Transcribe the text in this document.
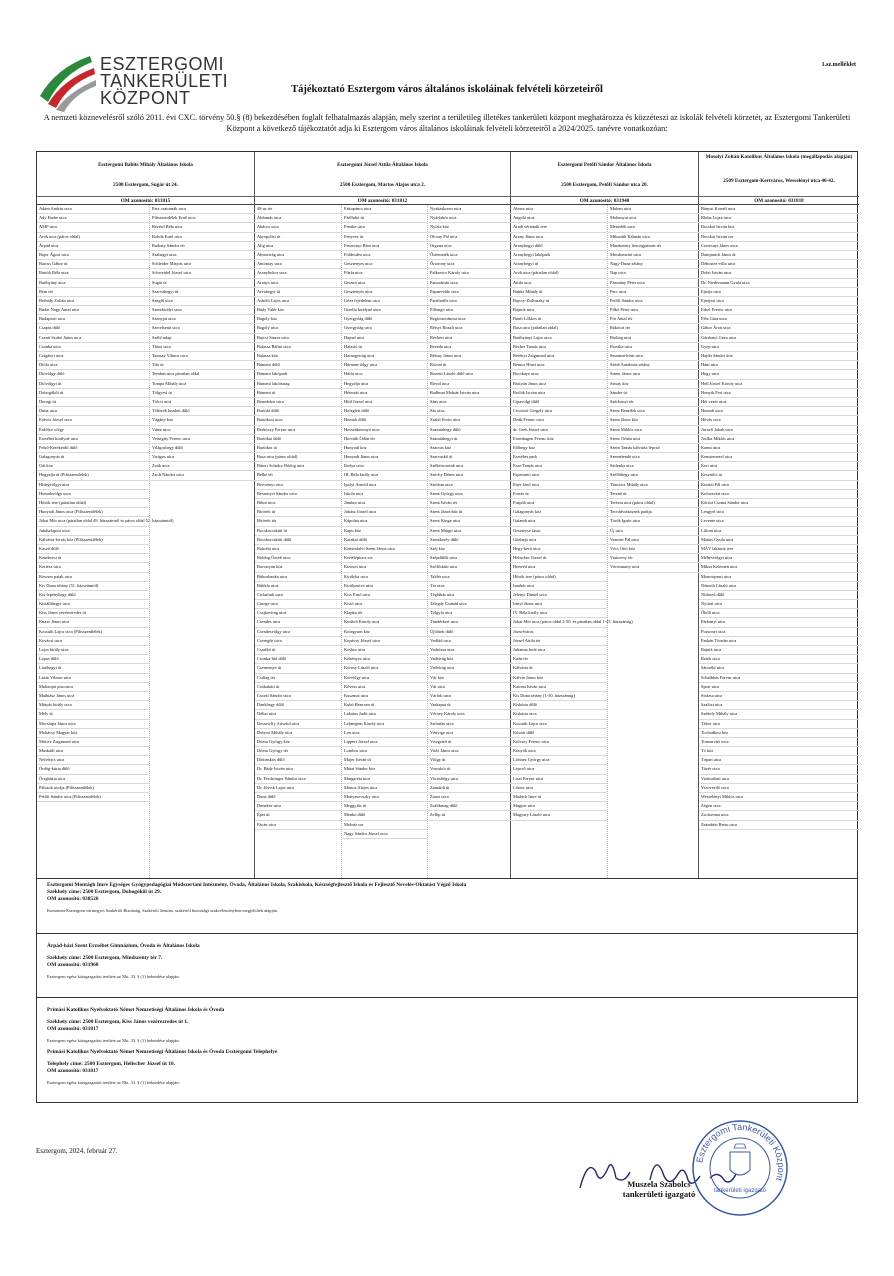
ESZTERGOMI
TANKERÜLETI
KÖZPONT
1.sz.melléklet
Tájékoztató Esztergom város általános iskoláinak felvételi körzeteiről
A nemzeti köznevelésről szóló 2011. évi CXC. törvény 50.§ (8) bekezdésében foglalt felhatalmazás alapján, mely szerint a területileg illetékes tankerületi központ meghatározza és közzéteszi az iskolák felvételi körzetét, az Esztergomi Tankerületi Központ a következő tájékoztatót adja ki Esztergom város általános iskoláinak felvételi körzeteiről a 2024/2025. tanévre vonatkozóan:
Esztergomi Babits Mihály Általános Iskola
2500 Esztergom, Sugár út 24.
OM azonosító: 031815
Adám András utca
Ady Endre utca
AMP utca
Arok utca (páros oldal)
Árpád utca
Bajor Ágost utca
Baross Gábor út
Bartók Béla utca
Batthyány utca
Bem tér
Berhidy Zoltán utca
Budai Nagy Antal utca
Budapesti utca
Csapás dűlő
Csenti Szabó János utca
Csonka utca
Czigányi utca
Diófa utca
Dióvölgy dűlő
Dióvölgyi út
Dobogókői út
Dorogi út
Duna utca
Eötvös József utca
Erdőlye völgy
Erzsébet királyné utca
Felső-Kerekerdő dűlő
Galagonyás út
Gát köz
Hegyalja út (Pilisszentlélek)
Hidegvölgyi utca
Homokvölgy utca
Hősök tere (páratlan oldal)
Hunyadi János utca (Pilisszentlélek)
Jókai Mór utca (páratlan oldal 49. házszámtól és páros oldal 52. házszámtól)
Juhászlaposi utca
Kálvária-forrás köz (Pilisszentlélek)
Kaszó dűlő
Kenderesi út
Kertész utca
Kincses patak utca
Kis Duna sétány (51. házszámtól)
Kis-lepényhegy dűlő
Kistáthhegyi utca
Kiss János vezérezredes út
Knaxr János utca
Kossuth Lajos utca (Pilisszentlélek)
Kovácsi utca
Lajos király utca
Lapos dűlő
Látóhegyi út
Lázár Vilmos utca
Malomjai piaconca
Mathiász János utca
Mátyás király utca
Mély út
Mocsárpa János utca
Mohácsy Magyar köz
Móricz Zsigmond utca
Muskátli utca
Nefelejcs utca
Ördög-kúria dűlő
Örsgházia utca
Pálosok utcája (Pilisszentlélek)
Petőfi Sándor utca (Pilisszentlélek)
Patz csatornák utca
Pilisszentlélek Ernő utca
Rézéső Béla utca
Rohók Ernő utca
Rudnay Sándor tér
Szabagyi utca
Schleider Mátyás utca
Schweidel József utca
Sugár út
Szarvahegyi út
Szegfű utca
Szentkirályi utca
Szenyjai utca
Szerelsenti utca
Széhl udap
Táboi utca
Tamsay Vilmos utca
Tiki út
Tembús utca páratlan oldal
Tompa Mihály utca
Tölgyesi út
Tölcsi utca
Töbörek kezdeti dűlő
Vágány köz
Vámr utca
Vetsegity Ferenc utca
Világoshegy dűlő
Virágos utca
Zoák utca
Zsolt Nándor utca
Esztergomi József Attila Általános Iskola
2500 Esztergom, Martos Alajos utca 2.
OM azonosító: 031812
48-as tér
Áldomás utca
Akácos utca
Akropolisi út
Alig utca
Almavirág utca
Antóniay utca
Aranybokor utca
Aranys utca
Arvahegyi út
Asbóth Lajos utca
Bády Valér köz
Bagoly köz
Bagoly utca
Bajcsi Sinzer utca
Balassa Bálint utca
Balassa köz
Bánomi dűlő
Bánomi lakópark
Bánomi lakóisstag
Bánomi út
Benedekis utca
Bartóki dűlő
Bartókosi utca
Berkóczy Ferenc utca
Bartókai dűlő
Bartókoi út
Basa utca (páros oldal)
Bátori Schulcz Bódog utca
Belké tér
Bercsényi utca
Bessenyei Sándor utca
Bíbor utca
Bíróréti út
Bíróréti tér
Bocskoroskúti út
Bocskoroskúti dűlő
Bokréta utca
Boldog Özseb utca
Borostyán köz
Búbosbanka utca
Bükkfa utca
Cickafark utca
Cinege utca
Csajkavirág utca
Csendes utca
Csendesvölgy utca
Cseregőe utca
Csaslkó út
Csonka-híd dűlő
Csermenye út
Csillag tér
Csókakúti út
Csordi Sándor utca
Dankhegy dűlő
Déltai utca
Dessewffy Arisztid utca
Doboxi Mihály utca
Dózsa György köz
Dózsa György tér
Dökinskös dűlő
Dr. Bády István utca
Dr. Feichtinger Sándor utca
Dr. Jósvik Lajos utca
Duna dűlő
Dunakör utca
Épet út
Fácán utca
Fakopáncs utca
Fáéllukó út
Fenske utca
Fenyves út
Feszecnyi Béni utca
Földesdeo utca
Gesztenyes utca
Fűzfa utca
Gessen utca
Gesztenyés utca
Géza fejedelem utca
Gizella királyné utca
Gyergyóág dűlő
Gyergyóág utca
Hajnal utca
Halastó út
Harangvirág utca
Hárman-tölgy utca
Hárfa utca
Hegyalja utca
Hétestás utca
Hild József utca
Holzgleit dűlő
Homok dűlő
Hosszúkerenyó utca
Horváth Ödön tér
Hunyadi köz
Hunyadi János utca
Ibolya utca
III. Béla király utca
Ipolyi Arnold utca
Iskola utca
Jámbor utca
Juhász József utca
Kápolna utca
Kapu köz
Karakxí dűlő
Kemenfalvi Szent János utca
Kertélépincz sor
Kincses utca
Királyka utca
Királyentve utca
Kiss Ernő utca
Kistó utca
Klapka tér
Kodách Károly utca
Kolegyum köz
Kopácsy József utca
Kosbor utca
Kökényes utca
Körösy László utca
Körvölgy utca
Kővess utca
Kuszmai utca
Kubó Bencsen út
Lakatos Judit utca
Lehnegem Károly utca
Lon utca
Lippert József utca
Lombos utca
Majer István út
Mátai Sándor köz
Margaréta utca
Martos Alajos utca
Mattyasovszky utca
Meggyfás út
Menkó dűlő
Molnár sor
Nagy Sándor József utca
Nyakaskoros utca
Nyárfakör utca
Nyírfa köz
Olcsay Pál utca
Orgona utca
Ősfemeték utca
Őrtorony utca
Palkovics Károly utca
Panorámás utca
Papnevelde utca
Partfürdős utca
Pillangó utca
Regionovánosa utca
Rétsyi Rozafi utca
Révkert utca
Rezeda utca
Rétsay János utca
Rózsai út
Rozetti László dűlő utca
Rövid utca
Radlmai Molnár István utca
Sáas utca
Sás utca
Szabó Ervin utca
Szamárhegy dűlő
Szamárhegyi út
Szarvas köz
Szarvaskő út
Széketsoroink utca
Széchy Dénes utca
Szedran utca
Szent György utca
Szent István tér
Szent János-kút út
Szent Kinga utca
Szent Margit utca
Szentkeréy dűlő
Széj köz
Szépdűlők utca
Szőlőskúti utca
Taldér utca
Tár utca
Téglákás utca
Telegdy Csanád utca
Tölgyfa utca
Tündérkert utca
Újlőitek dűlő
Vadfád utca
Vadrózsa utca
Vadvirág köz
Vadvirág utca
Vár köz
Vár utca
Várfok utca
Vaskapui út
Vécsey Károly utca
Szőrafás utca
Vényige utca
Visegrádi út
Vitéz János utca
Völgy út
Vorosköi út
Vörösbőgy utca
Zamárdi út
Zanot utca
Zsálikmag dűlő
Zellip út
Esztergomi Petőfi Sándor Általános Iskola
2500 Esztergom, Petőfi Sándor utca 20.
OM azonosító: 031940
Almos utca
Angolá utca
Aradi vértanúk tere
Arany János utca
Aranyhegyi dűlő
Aranyhegyi lakópark
Aranyhegyi út
Arok utca (páratlan oldal)
Attila utca
Babits Mihály út
Bajcsy-Zsilinszky út
Bajnok utca
Bánfi Lőkkes út
Basa utca (páratlan oldal)
Batthyányi Lajos utca
Becket Tamás utca
Berényi Zsigmond utca
Bemos Hósrt utca
Bocskaye utca
Bottyán János utca
Botlók István utca
Cipavölgi dűlő
Croctoot Gergely utca
Deák Ferenc utca
dr. Greb József utca
Eisenbagen Ferenc köz
Előhegy köz
Erzsébet park
Esze Tamás utca
Esperantó utca
Etter Jenő utca
Forrás út
Füspök utca
Galagonyás köz
Galamb utca
Geszteyse fasor
Gőzhajó utca
Hegy-kerti utca
Helischer József út
Honvéd utca
Hősök tere (páros oldal)
Imahás utca
Jelenyi Dániel utca
Irinyi János utca
IV. Béla király utca
Jókai Mór utca (páros oldal 2-50. és páratlan oldal 1-45. házszámig)
Józsefváros
József Attila tér
Julianna lorát utca
Kaán tér
Kálvária út
Kálvin János köz
Katona István utca
Kis Duna sétány (1-50. házszámig)
Kiskúria dűlő
Kiskúria utca
Kossuth Lajos utca
Kőszár dűlő
Kölcsey Ferenc utca
Könyök utca
Lőrinez György utca
Lépcső utca
Liszt Ferenc utca
Lőrinc utca
Madách Imre út
Magyar utca
Magyary László utca
Malom utca
Malomyai utca
Menedék utca
Mikszáth Kálmán utca
Mindszenty hercegprímás tér
Mosdomvári utca
Nagy-Duna sétány
Nap utca
Pázmány Péter utca
Perc utca
Petőfi Sándor utca
Pilkó Péter utca
Pór Antal tér
Rákóczi tér
Rizling utca
Rozália utca
Sesenmelvem utca
Szédi Antalmás sétány
Simor János utca
Sissay köz
Sándor út
Széchenyi tér
Szent Benedek utca
Szent János köz
Szent Miklós utca
Szent Orbán utca
Szent Tamás kálvária lépcső
Szemétendé utca
Szilenka utca
Széllőhegy utca
Táncsics Mihály utca
Terenő út
Terézia utca (páros oldal)
Tervádvízközsek parkja
Török Ignác utca
Új utca
Vanvári Pál utca
Vécs Ottó köz
Viatorvsy tér
Vörösmarty utca
Mosolyi Zoltán Katolikus Általános Iskola (megállapodás alapján)
2509 Esztergom-Kertváros, Wesselényi utca 40-42.
OM azonosító: 031818
Bányai Kornél utca
Bloha Lujza utca
Bocskai István köz
Bocskai István sor
Cseresnyi János utca
Damjanich János út
Déhostez-villa utca
Dobó István utca
Dr. Niedermann Gyula utca
Ejtetja utca
Ejtetjesi utca
Erkel Ferenc utca
Féla Gára utca
Gábor Áron utca
Gárdonyi Géza utca
Gyep utca
Hajdú Sándor köz
Hám utca
Hegy utca
Hell József Károly utca
Honyik Feri utca
Hét vezér utca
Homok utca
Hóvás utca
Jávorfi Jakab utca
Jósfka Miklós utca
Kanni utca
Kenstemezel utca
Kert utca
Kesztölci út
Kinizsi Pál utca
Kolozsvári utca
Kőrösi Csoma Sándor utca
Lengyel utca
Levente utca
Liliom utca
Mattas Gyula utca
MÁV lakások tere
Méhesvölgyi utca
Miksa Kelemen utca
Monostpmri utca
Németh László utca
Nisbeed dűlő
Nyitrai utca
Őbölí utca
Párkányi utca
Pozsonyi utca
Paskán Tivadar utca
Rajnik utca
Retek utca
Sátoréki utca
Schalbhás Ferenc utca
Sport utca
Strázsa utca
Szalózi utca
Székely Mihály utca
Tábor utca
Tochodkou köz
Tomonvári utca
Tó köz
Töpart utca
Tüzér utca
Vizimalom utca
Vízöveziló utca
Wesselényi Miklós utca
Zágon utca
Zsolozsma utca
Zsámbéri Bertu utca
Esztergomi Montágh Imre Egységes Gyógypedagógiai Módszertani Intézmény, Óvoda, Általános Iskola, Szakiskola, Készségfejlesztő Iskola és Fejlesztő Nevelés-Oktatást Végző Iskola
Székhely címe: 2500 Esztergom, Dobogókői út 29.
OM azonosító: 038526
Komárom-Esztergom vármegyei Szakértői Bizottság, Szakértői Jansina, szakértői bizottsági szakvéleményben megjelöltek alapján.
Árpád-házi Szent Erzsébet Gimnázium, Óvoda és Általános Iskola
Székhely címe: 2500 Esztergom, Mindszenty tér 7.
OM azonosító: 031960
Esztergom egész közigazgatási területe az Nkt. 33. § (1) bekezdése alapján.
Prímási Katolikus Nyelvoktató Német Nemzetiségi Általános Iskola és Óvoda
Székhely címe: 2500 Esztergom, Kiss János vezérezredes út 1.
OM azonosító: 031817
Esztergom egész közigazgatási területe az Nkt. 33. § (1) bekezdése alapján.
Prímási Katolikus Nyelvoktató Német Nemzetiségi Általános Iskola és Óvoda Esztergomi Telephelye
Telephely címe: 2500 Esztergom, Helischer József út 10.
OM azonosító: 031817
Esztergom egész közigazgatási területe az Nkt. 33. § (1) bekezdése alapján.
Esztergom, 2024. február 27.
Muszela Szabolcs
tankerületi igazgató
Esztergomi Tankerületi Központ
tankerületi igazgató
